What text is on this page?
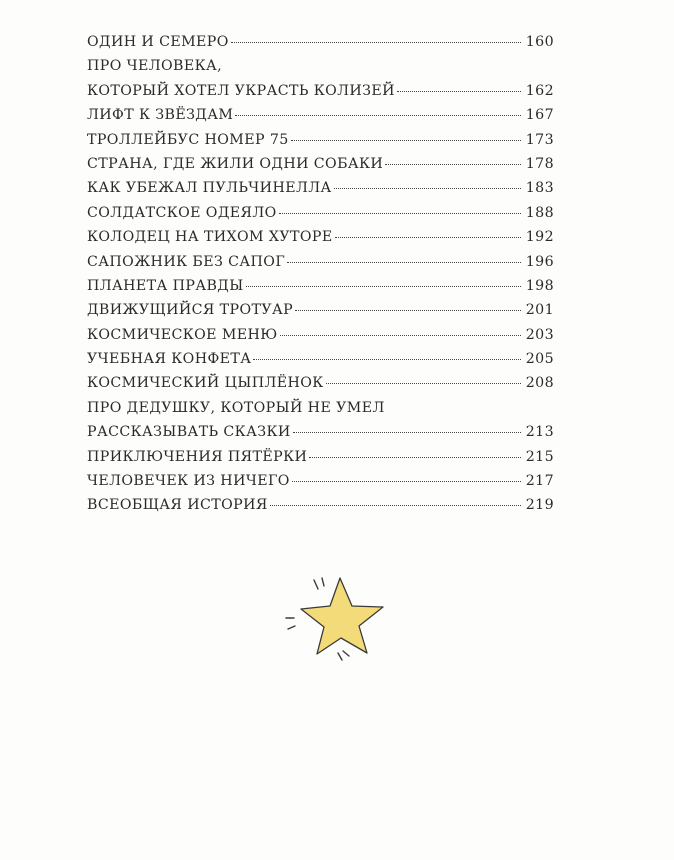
ОДИН И СЕМЕРО	160
ПРО ЧЕЛОВЕКА,
КОТОРЫЙ ХОТЕЛ УКРАСТЬ КОЛИЗЕЙ	162
ЛИФТ К ЗВЁЗДАМ	167
ТРОЛЛЕЙБУС НОМЕР 75	173
СТРАНА, ГДЕ ЖИЛИ ОДНИ СОБАКИ	178
КАК УБЕЖАЛ ПУЛЬЧИНЕЛЛА	183
СОЛДАТСКОЕ ОДЕЯЛО	188
КОЛОДЕЦ НА ТИХОМ ХУТОРЕ	192
САПОЖНИК БЕЗ САПОГ	196
ПЛАНЕТА ПРАВДЫ	198
ДВИЖУЩИЙСЯ ТРОТУАР	201
КОСМИЧЕСКОЕ МЕНЮ	203
УЧЕБНАЯ КОНФЕТА	205
КОСМИЧЕСКИЙ ЦЫПЛЁНОК	208
ПРО ДЕДУШКУ, КОТОРЫЙ НЕ УМЕЛ
РАССКАЗЫВАТЬ СКАЗКИ	213
ПРИКЛЮЧЕНИЯ ПЯТЁРКИ	215
ЧЕЛОВЕЧЕК ИЗ НИЧЕГО	217
ВСЕОБЩАЯ ИСТОРИЯ	219
